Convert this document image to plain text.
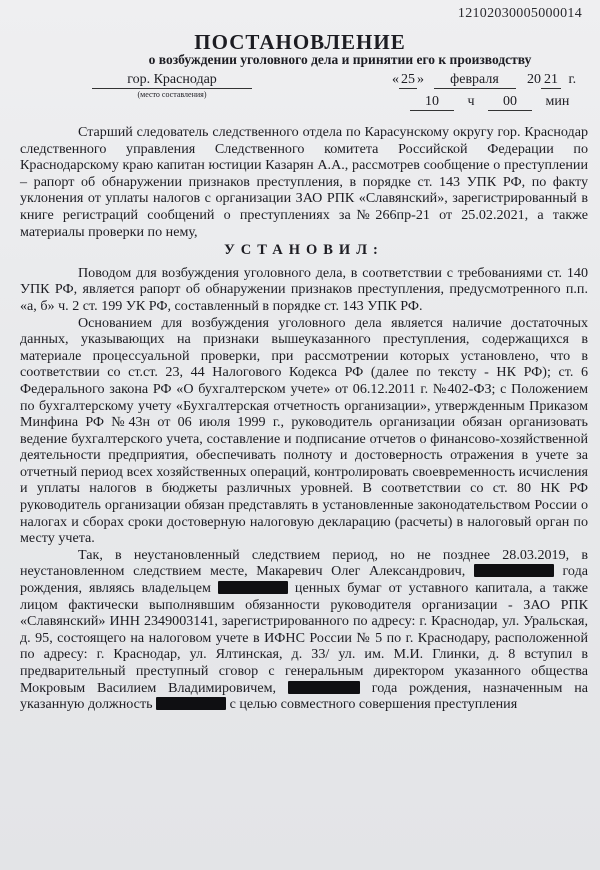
12102030005000014
ПОСТАНОВЛЕНИЕ
о возбуждении уголовного дела и принятии его к производству
гор. Краснодар
(место составления)
« 25 » февраля 20 21 г.
10 ч 00 мин

Старший следователь следственного отдела по Карасунскому округу гор. Краснодар следственного управления Следственного комитета Российской Федерации по Краснодарскому краю капитан юстиции Казарян А.А., рассмотрев сообщение о преступлении – рапорт об обнаружении признаков преступления, в порядке ст. 143 УПК РФ, по факту уклонения от уплаты налогов с организации ЗАО РПК «Славянский», зарегистрированный в книге регистраций сообщений о преступлениях за№266пр-21 от 25.02.2021, а также материалы проверки по нему,

УСТАНОВИЛ:

Поводом для возбуждения уголовного дела, в соответствии с требованиями ст. 140 УПК РФ, является рапорт об обнаружении признаков преступления, предусмотренного п.п. «а, б» ч. 2 ст. 199 УК РФ, составленный в порядке ст. 143 УПК РФ.

Основанием для возбуждения уголовного дела является наличие достаточных данных, указывающих на признаки вышеуказанного преступления, содержащихся в материале процессуальной проверки, при рассмотрении которых установлено, что в соответствии со ст.ст. 23, 44 Налогового Кодекса РФ (далее по тексту - НК РФ); ст. 6 Федерального закона РФ «О бухгалтерском учете» от 06.12.2011 г. №402-ФЗ; с Положением по бухгалтерскому учету «Бухгалтерская отчетность организации», утвержденным Приказом Минфина РФ №43н от 06 июля 1999 г., руководитель организации обязан организовать ведение бухгалтерского учета, составление и подписание отчетов о финансово-хозяйственной деятельности предприятия, обеспечивать полноту и достоверность отражения в учете за отчетный период всех хозяйственных операций, контролировать своевременность исчисления и уплаты налогов в бюджеты различных уровней. В соответствии со ст. 80 НК РФ руководитель организации обязан представлять в установленные законодательством России о налогах и сборах сроки достоверную налоговую декларацию (расчеты) в налоговый орган по месту учета.

Так, в неустановленный следствием период, но не позднее 28.03.2019, в неустановленном следствием месте, Макаревич Олег Александрович,	года рождения, являясь владельцем	ценных бумаг от уставного капитала, а также лицом фактически выполнявшим обязанности руководителя организации - ЗАО РПК «Славянский» ИНН 2349003141, зарегистрированного по адресу: г. Краснодар, ул. Уральская, д. 95, состоящего на налоговом учете в ИФНС России № 5 по г. Краснодару, расположенной по адресу: г. Краснодар, ул. Ялтинская, д. 33/ ул. им. М.И. Глинки, д. 8 вступил в предварительный преступный сговор с генеральным директором указанного общества Мокровым Василием Владимировичем,	года рождения, назначенным на указанную должность	с целью совместного совершения преступления
